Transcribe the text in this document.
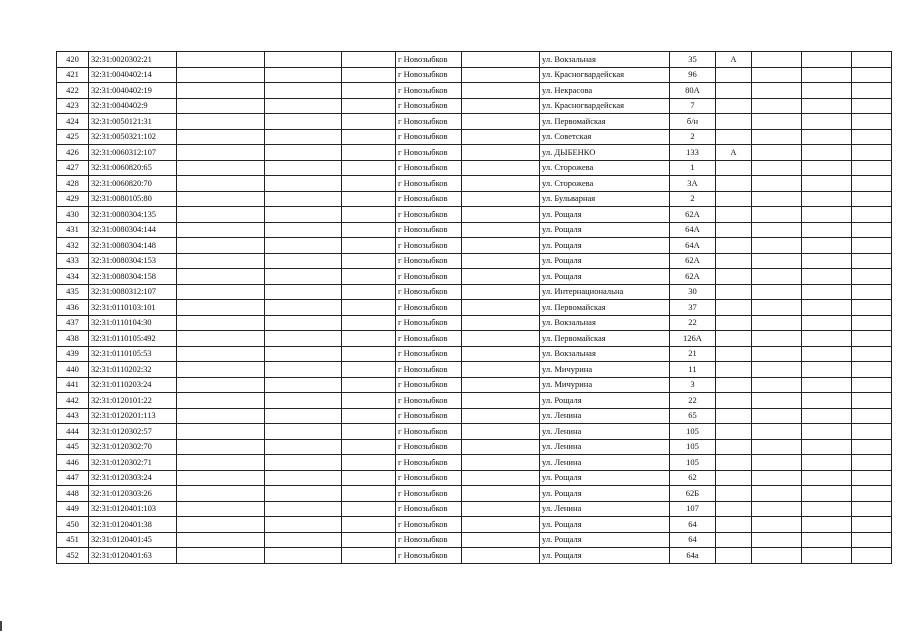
420	32:31:0020302:21				г Новозыбков		ул. Вокзальная	35	А			
421	32:31:0040402:14				г Новозыбков		ул. Красногвардейская	96				
422	32:31:0040402:19				г Новозыбков		ул. Некрасова	80А				
423	32:31:0040402:9				г Новозыбков		ул. Красногвардейская	7				
424	32:31:0050121:31				г Новозыбков		ул. Первомайская	б/н				
425	32:31:0050321:102				г Новозыбков		ул. Советская	2				
426	32:31:0060312:107				г Новозыбков		ул. ДЫБЕНКО	133	А			
427	32:31:0060820:65				г Новозыбков		ул. Сторожева	1				
428	32:31:0060820:70				г Новозыбков		ул. Сторожева	3А				
429	32:31:0080105:80				г Новозыбков		ул. Бульварная	2				
430	32:31:0080304:135				г Новозыбков		ул. Рощаля	62А				
431	32:31:0080304:144				г Новозыбков		ул. Рощаля	64А				
432	32:31:0080304:148				г Новозыбков		ул. Рощаля	64А				
433	32:31:0080304:153				г Новозыбков		ул. Рощаля	62А				
434	32:31:0080304:158				г Новозыбков		ул. Рощаля	62А				
435	32:31:0080312:107				г Новозыбков		ул. Интернациональна	30				
436	32:31:0110103:101				г Новозыбков		ул. Первомайская	37				
437	32:31:0110104:30				г Новозыбков		ул. Вокзальная	22				
438	32:31:0110105:492				г Новозыбков		ул. Первомайская	126А				
439	32:31:0110105:53				г Новозыбков		ул. Вокзальная	21				
440	32:31:0110202:32				г Новозыбков		ул. Мичурина	11				
441	32:31:0110203:24				г Новозыбков		ул. Мичурина	3				
442	32:31:0120101:22				г Новозыбков		ул. Рощаля	22				
443	32:31:0120201:113				г Новозыбков		ул. Ленина	65				
444	32:31:0120302:57				г Новозыбков		ул. Ленина	105				
445	32:31:0120302:70				г Новозыбков		ул. Ленина	105				
446	32:31:0120302:71				г Новозыбков		ул. Ленина	105				
447	32:31:0120303:24				г Новозыбков		ул. Рощаля	62				
448	32:31:0120303:26				г Новозыбков		ул. Рощаля	62Б				
449	32:31:0120401:103				г Новозыбков		ул. Ленина	107				
450	32:31:0120401:38				г Новозыбков		ул. Рощаля	64				
451	32:31:0120401:45				г Новозыбков		ул. Рощаля	64				
452	32:31:0120401:63				г Новозыбков		ул. Рощаля	64а				
